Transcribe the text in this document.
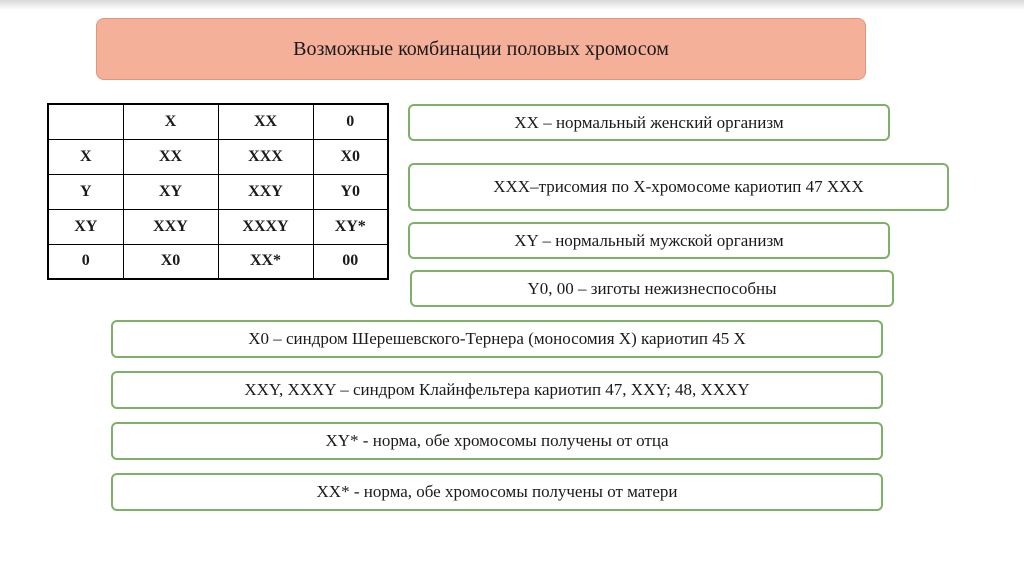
Возможные комбинации половых хромосом
	X	XX	0
X	XX	XXX	X0
Y	XY	XXY	Y0
XY	XXY	XXXY	XY*
0	X0	XX*	00
XX – нормальный женский организм
XXX–трисомия по X-хромосоме кариотип 47 XXX
XY – нормальный мужской организм
Y0, 00 – зиготы нежизнеспособны
X0 – синдром Шерешевского-Тернера (моносомия X) кариотип 45 X
XXY, XXXY – синдром Клайнфельтера кариотип 47, XXY; 48, XXXY
XY* - норма, обе хромосомы получены от отца
XX* - норма, обе хромосомы получены от матери
